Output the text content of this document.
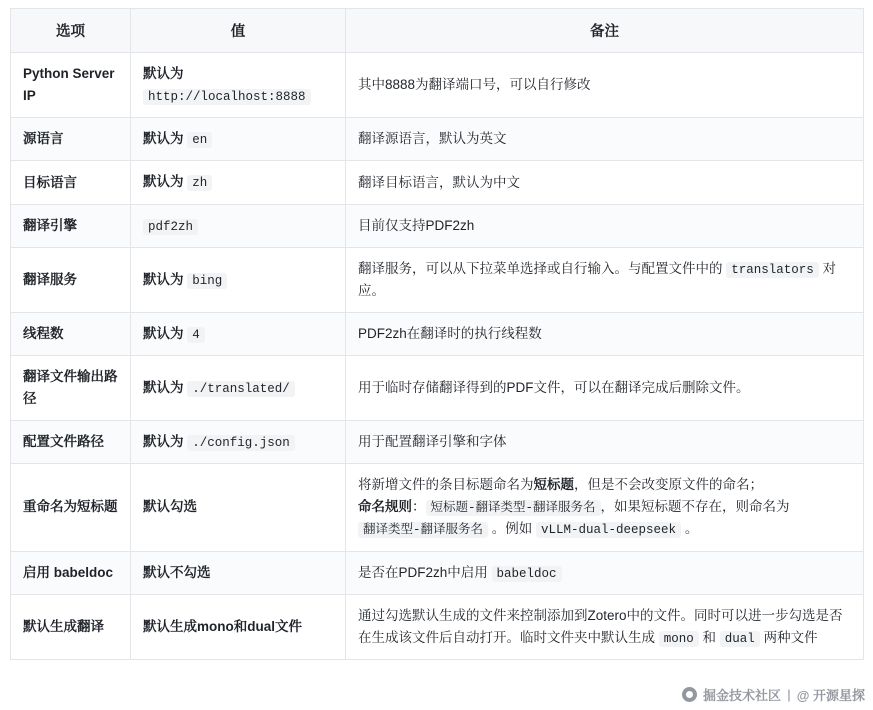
选项	值	备注
Python Server IP	默认为 http://localhost:8888	其中8888为翻译端口号，可以自行修改
源语言	默认为 en	翻译源语言，默认为英文
目标语言	默认为 zh	翻译目标语言，默认为中文
翻译引擎	pdf2zh	目前仅支持PDF2zh
翻译服务	默认为 bing	翻译服务，可以从下拉菜单选择或自行输入。与配置文件中的 translators 对应。
线程数	默认为 4	PDF2zh在翻译时的执行线程数
翻译文件输出路径	默认为 ./translated/	用于临时存储翻译得到的PDF文件，可以在翻译完成后删除文件。
配置文件路径	默认为 ./config.json	用于配置翻译引擎和字体
重命名为短标题	默认勾选	将新增文件的条目标题命名为短标题，但是不会改变原文件的命名；
命名规则： 短标题-翻译类型-翻译服务名 ，如果短标题不存在，则命名为 翻译类型-翻译服务名 。例如 vLLM-dual-deepseek 。
启用 babeldoc	默认不勾选	是否在PDF2zh中启用 babeldoc
默认生成翻译	默认生成mono和dual文件	通过勾选默认生成的文件来控制添加到Zotero中的文件。同时可以进一步勾选是否在生成该文件后自动打开。临时文件夹中默认生成 mono 和 dual 两种文件
掘金技术社区 | @ 开源星探
